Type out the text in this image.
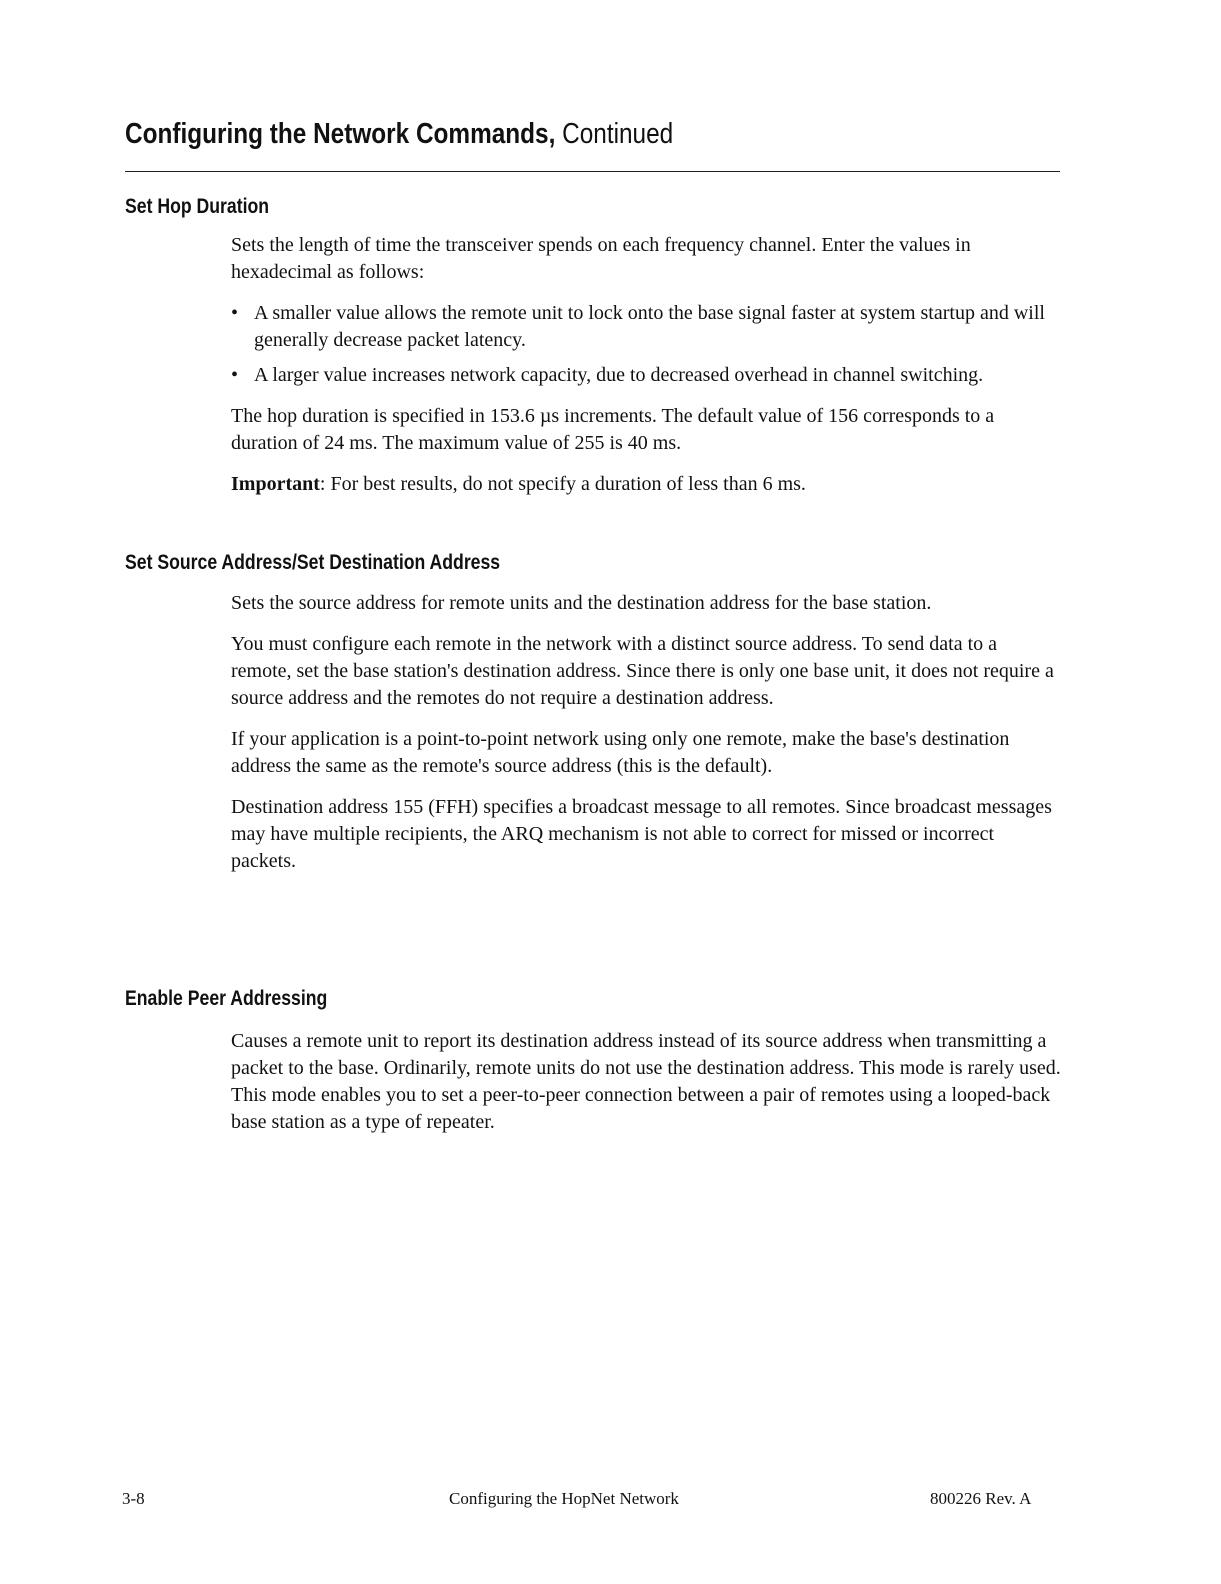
Configuring the Network Commands, Continued
Set Hop Duration

Sets the length of time the transceiver spends on each frequency channel. Enter the values in hexadecimal as follows:

• A smaller value allows the remote unit to lock onto the base signal faster at system startup and will generally decrease packet latency.
• A larger value increases network capacity, due to decreased overhead in channel switching.

The hop duration is specified in 153.6 µs increments. The default value of 156 corresponds to a duration of 24 ms. The maximum value of 255 is 40 ms.

Important: For best results, do not specify a duration of less than 6 ms.

Set Source Address/Set Destination Address

Sets the source address for remote units and the destination address for the base station.

You must configure each remote in the network with a distinct source address. To send data to a remote, set the base station's destination address. Since there is only one base unit, it does not require a source address and the remotes do not require a destination address.

If your application is a point-to-point network using only one remote, make the base's destination address the same as the remote's source address (this is the default).

Destination address 155 (FFH) specifies a broadcast message to all remotes. Since broadcast messages may have multiple recipients, the ARQ mechanism is not able to correct for missed or incorrect packets.

Enable Peer Addressing

Causes a remote unit to report its destination address instead of its source address when transmitting a packet to the base. Ordinarily, remote units do not use the destination address. This mode is rarely used. This mode enables you to set a peer-to-peer connection between a pair of remotes using a looped-back base station as a type of repeater.

3-8	Configuring the HopNet Network	800226 Rev. A
